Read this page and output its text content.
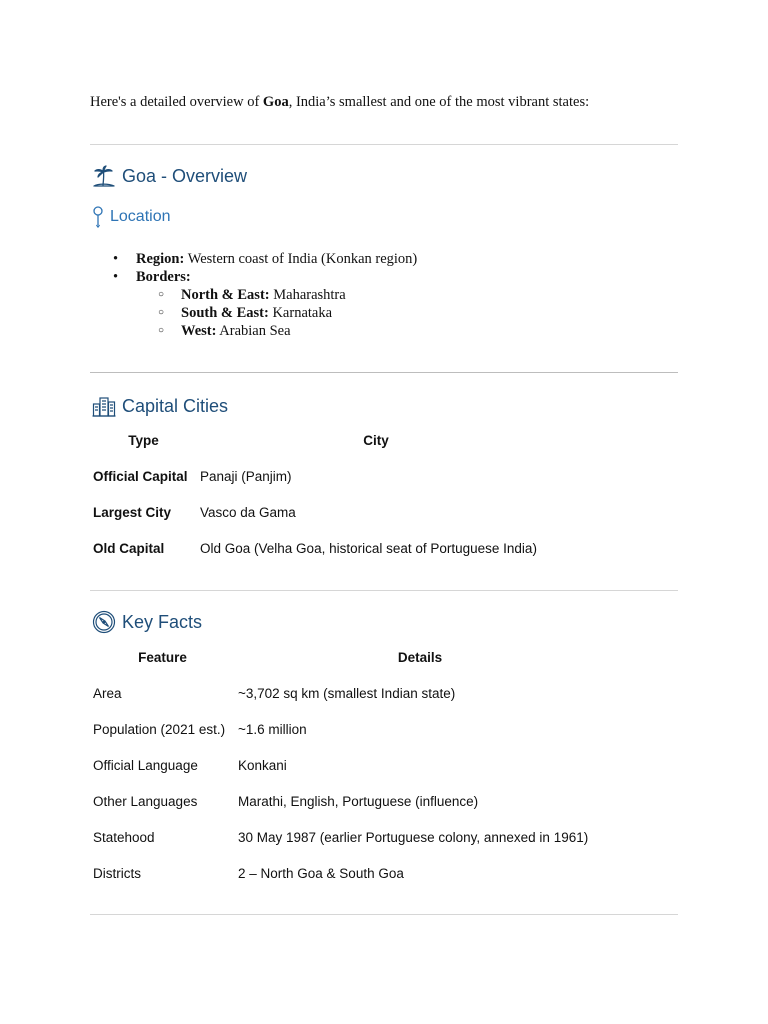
Here's a detailed overview of Goa, India’s smallest and one of the most vibrant states:
Goa - Overview
Location
• Region: Western coast of India (Konkan region)
• Borders:
○ North & East: Maharashtra
○ South & East: Karnataka
○ West: Arabian Sea
Capital Cities
Type	City
Official Capital	Panaji (Panjim)
Largest City	Vasco da Gama
Old Capital	Old Goa (Velha Goa, historical seat of Portuguese India)
Key Facts
Feature	Details
Area	~3,702 sq km (smallest Indian state)
Population (2021 est.)	~1.6 million
Official Language	Konkani
Other Languages	Marathi, English, Portuguese (influence)
Statehood	30 May 1987 (earlier Portuguese colony, annexed in 1961)
Districts	2 – North Goa & South Goa
